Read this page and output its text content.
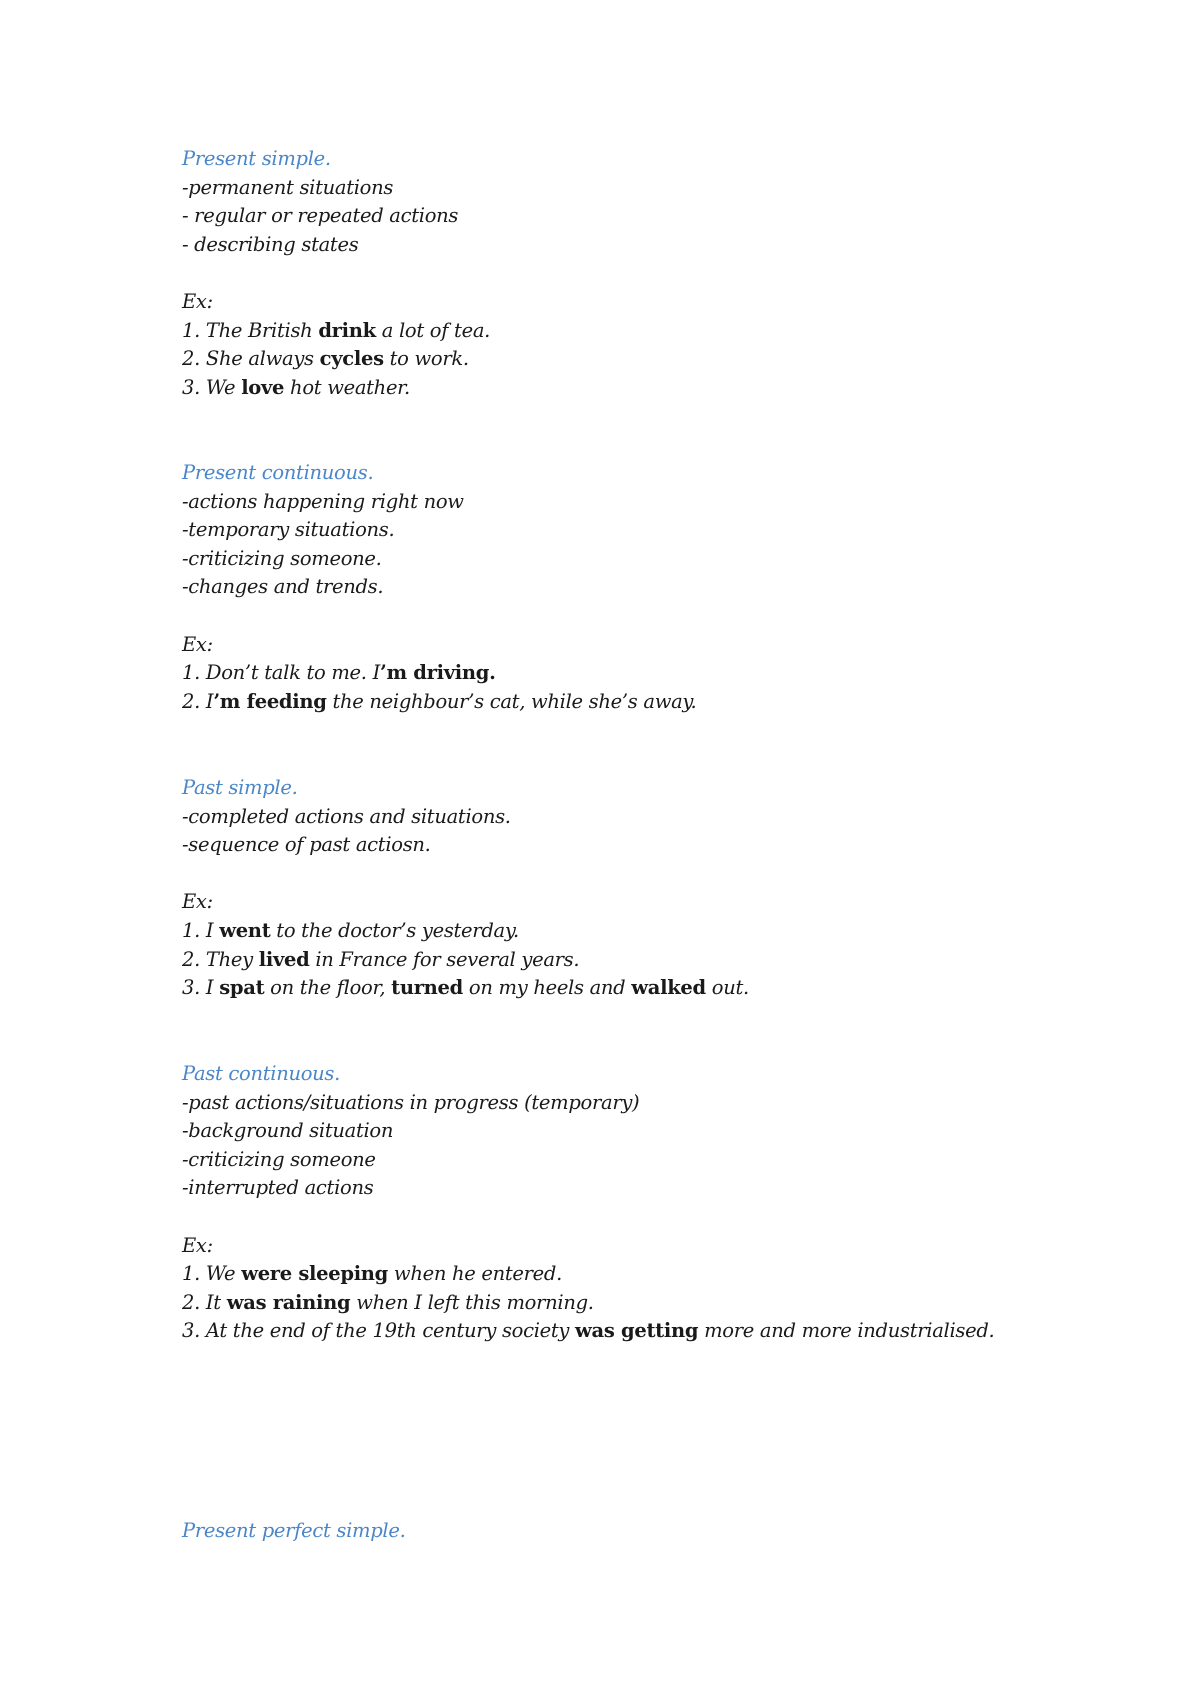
Present simple.
-permanent situations
- regular or repeated actions
- describing states
Ex:
1. The British drink a lot of tea.
2. She always cycles to work.
3. We love hot weather.
Present continuous.
-actions happening right now
-temporary situations.
-criticizing someone.
-changes and trends.
Ex:
1. Don’t talk to me. I’m driving.
2. I’m feeding the neighbour’s cat, while she’s away.
Past simple.
-completed actions and situations.
-sequence of past actiosn.
Ex:
1. I went to the doctor’s yesterday.
2. They lived in France for several years.
3. I spat on the floor, turned on my heels and walked out.
Past continuous.
-past actions/situations in progress (temporary)
-background situation
-criticizing someone
-interrupted actions
Ex:
1. We were sleeping when he entered.
2. It was raining when I left this morning.
3. At the end of the 19th century society was getting more and more industrialised.
Present perfect simple.
